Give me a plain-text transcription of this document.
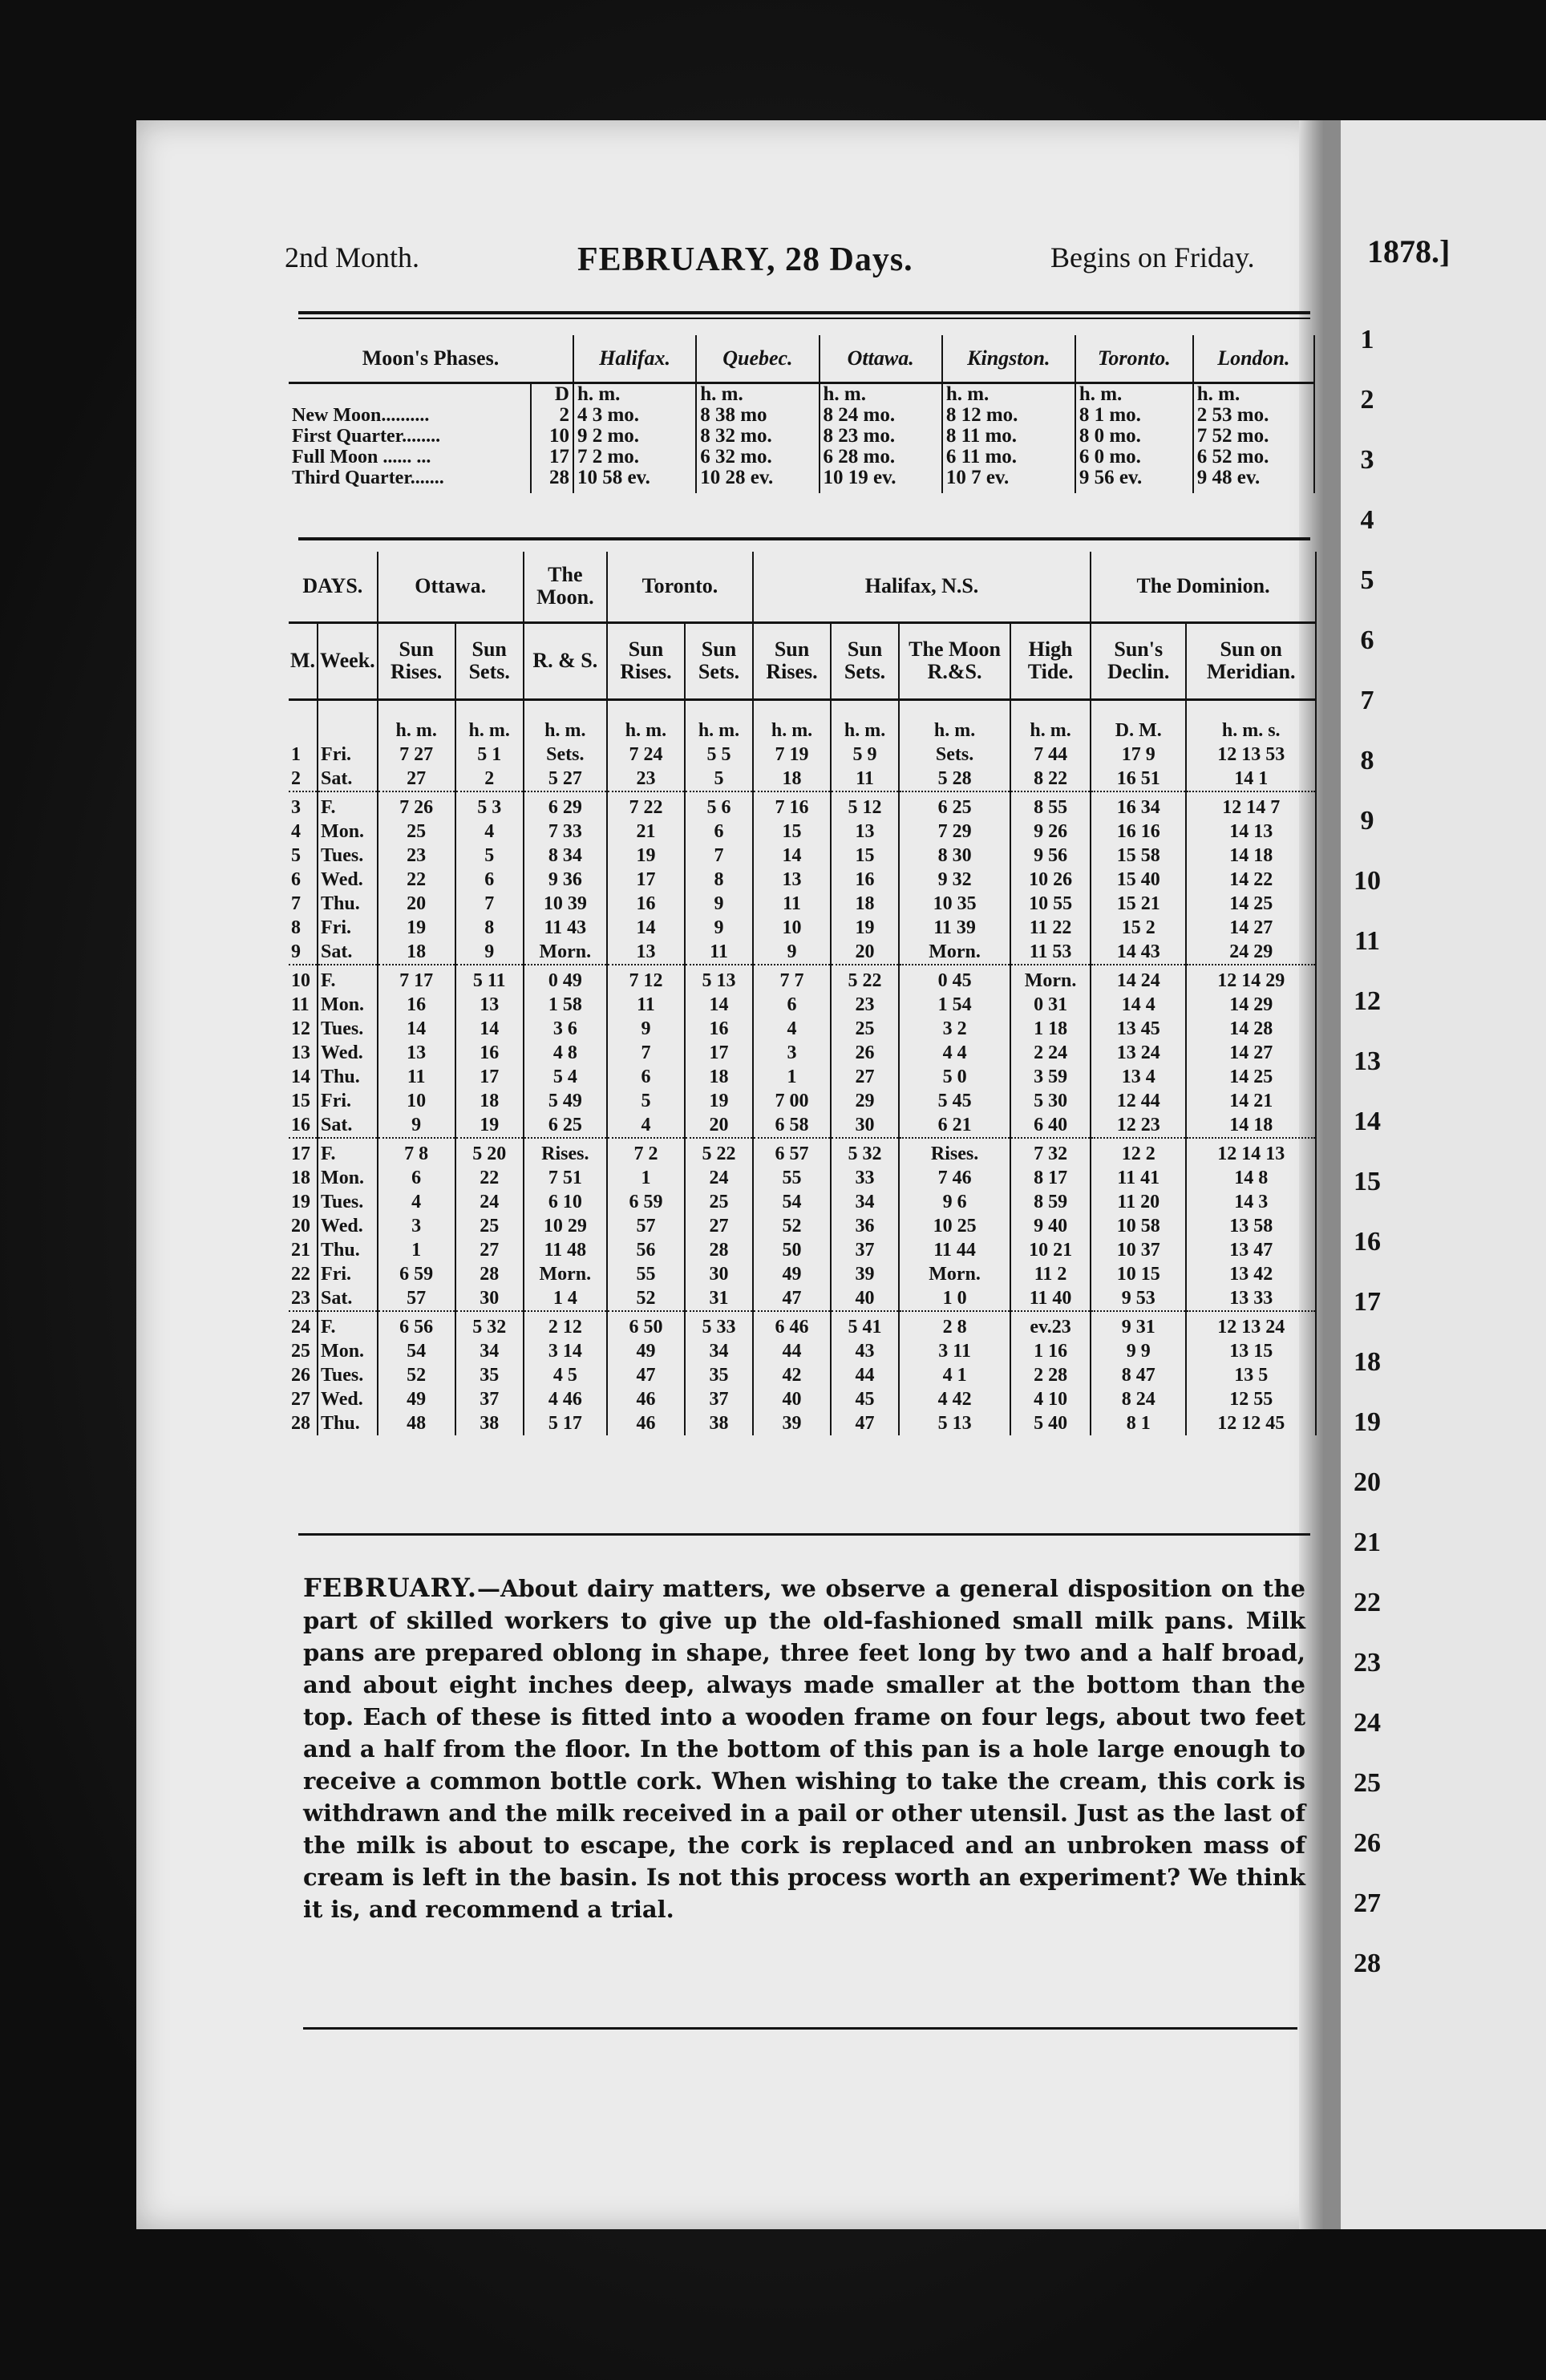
2nd Month.	FEBRUARY, 28 Days.	Begins on Friday.
Moon's Phases.		Halifax.	Quebec.	Ottawa.	Kingston.	Toronto.	London.
	D	h. m.	h. m.	h. m.	h. m.	h. m.	h. m.
New Moon..........	2	4 3 mo.	8 38 mo	8 24 mo.	8 12 mo.	8 1 mo.	2 53 mo.
First Quarter........	10	9 2 mo.	8 32 mo.	8 23 mo.	8 11 mo.	8 0 mo.	7 52 mo.
Full Moon ...... ...	17	7 2 mo.	6 32 mo.	6 28 mo.	6 11 mo.	6 0 mo.	6 52 mo.
Third Quarter.......	28	10 58 ev.	10 28 ev.	10 19 ev.	10 7 ev.	9 56 ev.	9 48 ev.
DAYS.		Ottawa.		The Moon.	Toronto.		Halifax, N.S.				The Dominion.	
M.	Week.	Sun Rises.	Sun Sets.	R. & S.	Sun Rises.	Sun Sets.	Sun Rises.	Sun Sets.	The Moon R.&S.	High Tide.	Sun's Declin.	Sun on Meridian.
		h. m.	h. m.	h. m.	h. m.	h. m.	h. m.	h. m.	h. m.	h. m.	D. M.	h. m. s.
1	Fri.	7 27	5 1	Sets.	7 24	5 5	7 19	5 9	Sets.	7 44	17 9	12 13 53
2	Sat.	27	2	5 27	23	5	18	11	5 28	8 22	16 51	14 1
3	F.	7 26	5 3	6 29	7 22	5 6	7 16	5 12	6 25	8 55	16 34	12 14 7
4	Mon.	25	4	7 33	21	6	15	13	7 29	9 26	16 16	14 13
5	Tues.	23	5	8 34	19	7	14	15	8 30	9 56	15 58	14 18
6	Wed.	22	6	9 36	17	8	13	16	9 32	10 26	15 40	14 22
7	Thu.	20	7	10 39	16	9	11	18	10 35	10 55	15 21	14 25
8	Fri.	19	8	11 43	14	9	10	19	11 39	11 22	15 2	14 27
9	Sat.	18	9	Morn.	13	11	9	20	Morn.	11 53	14 43	24 29
10	F.	7 17	5 11	0 49	7 12	5 13	7 7	5 22	0 45	Morn.	14 24	12 14 29
11	Mon.	16	13	1 58	11	14	6	23	1 54	0 31	14 4	14 29
12	Tues.	14	14	3 6	9	16	4	25	3 2	1 18	13 45	14 28
13	Wed.	13	16	4 8	7	17	3	26	4 4	2 24	13 24	14 27
14	Thu.	11	17	5 4	6	18	1	27	5 0	3 59	13 4	14 25
15	Fri.	10	18	5 49	5	19	7 00	29	5 45	5 30	12 44	14 21
16	Sat.	9	19	6 25	4	20	6 58	30	6 21	6 40	12 23	14 18
17	F.	7 8	5 20	Rises.	7 2	5 22	6 57	5 32	Rises.	7 32	12 2	12 14 13
18	Mon.	6	22	7 51	1	24	55	33	7 46	8 17	11 41	14 8
19	Tues.	4	24	6 10	6 59	25	54	34	9 6	8 59	11 20	14 3
20	Wed.	3	25	10 29	57	27	52	36	10 25	9 40	10 58	13 58
21	Thu.	1	27	11 48	56	28	50	37	11 44	10 21	10 37	13 47
22	Fri.	6 59	28	Morn.	55	30	49	39	Morn.	11 2	10 15	13 42
23	Sat.	57	30	1 4	52	31	47	40	1 0	11 40	9 53	13 33
24	F.	6 56	5 32	2 12	6 50	5 33	6 46	5 41	2 8	ev.23	9 31	12 13 24
25	Mon.	54	34	3 14	49	34	44	43	3 11	1 16	9 9	13 15
26	Tues.	52	35	4 5	47	35	42	44	4 1	2 28	8 47	13 5
27	Wed.	49	37	4 46	46	37	40	45	4 42	4 10	8 24	12 55
28	Thu.	48	38	5 17	46	38	39	47	5 13	5 40	8 1	12 12 45
FEBRUARY.—About dairy matters, we observe a general disposition on the part of skilled workers to give up the old-fashioned small milk pans. Milk pans are prepared oblong in shape, three feet long by two and a half broad, and about eight inches deep, always made smaller at the bottom than the top. Each of these is fitted into a wooden frame on four legs, about two feet and a half from the floor. In the bottom of this pan is a hole large enough to receive a common bottle cork. When wishing to take the cream, this cork is withdrawn and the milk received in a pail or other utensil. Just as the last of the milk is about to escape, the cork is replaced and an unbroken mass of cream is left in the basin. Is not this process worth an experiment? We think it is, and recommend a trial.
1878.]
1
2
3
4
5
6
7
8
9
10
11
12
13
14
15
16
17
18
19
20
21
22
23
24
25
26
27
28
